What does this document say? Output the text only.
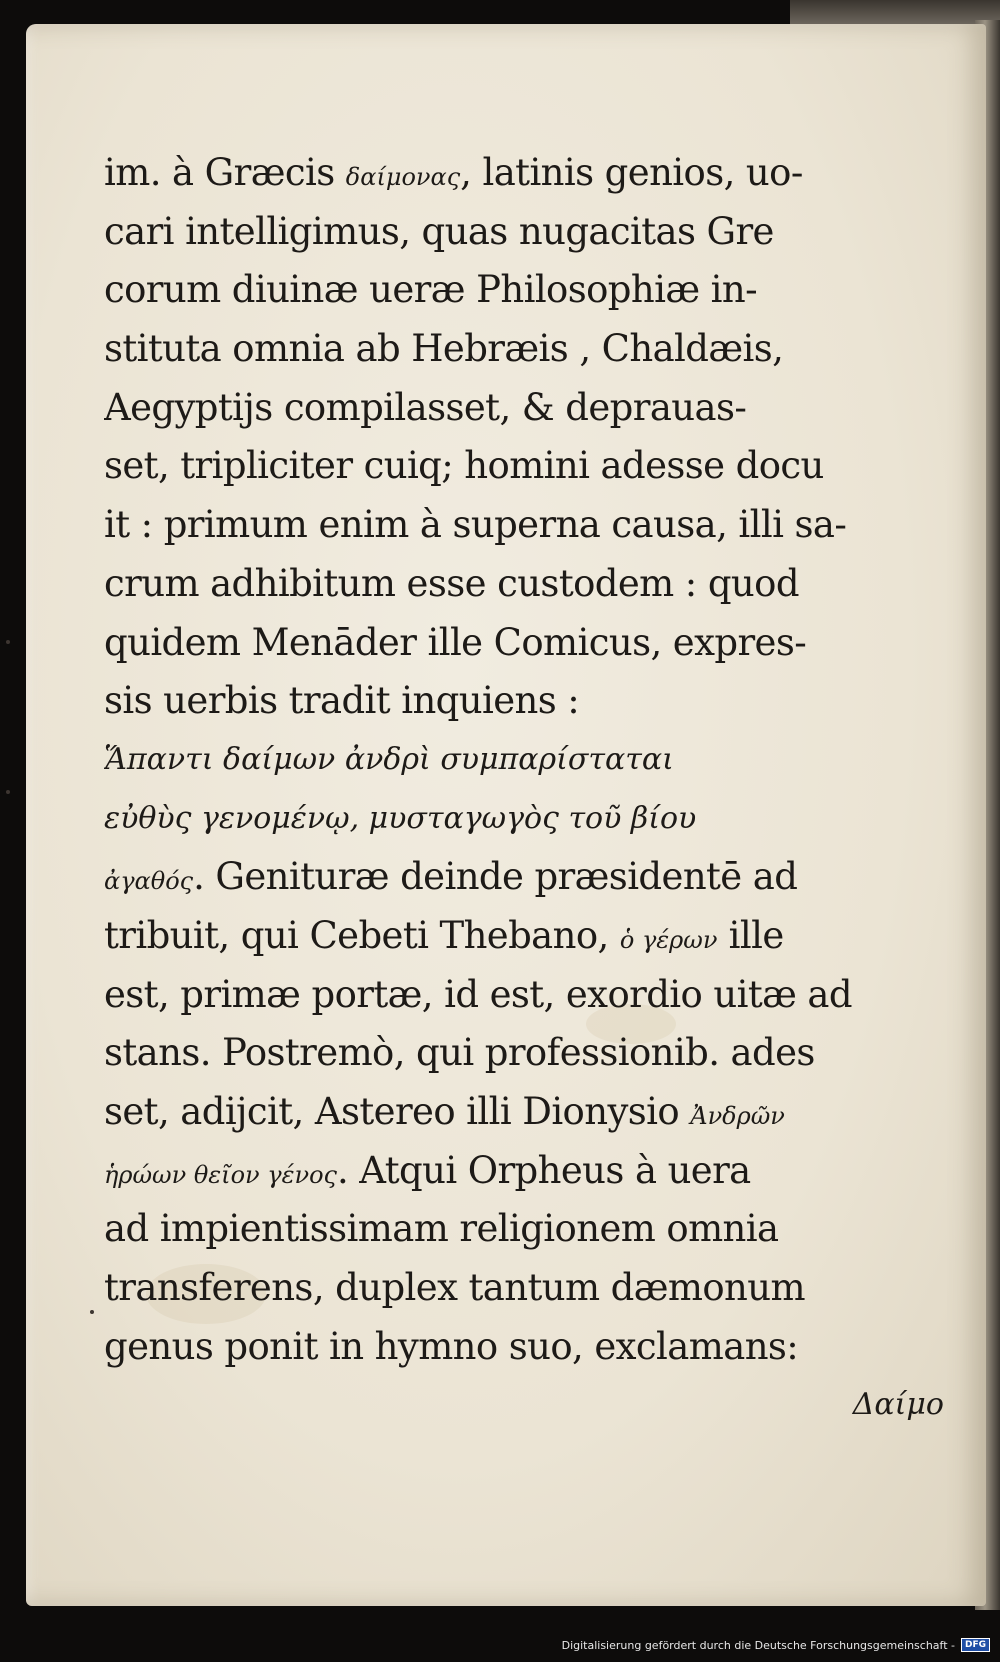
im. à Græcis δαίμονας, latinis genios, uo-
cari intelligimus, quas nugacitas Gre
corum diuinæ ueræ Philosophiæ in-
stituta omnia ab Hebræis , Chaldæis,
Aegyptijs compilasset, & deprauas-
set, tripliciter cuiq; homini adesse docu
it : primum enim à superna causa, illi sa-
crum adhibitum esse custodem : quod
quidem Menāder ille Comicus, expres-
sis uerbis tradit inquiens :
Ἅπαντι δαίμων ἀνδρὶ συμπαρίσταται
εὐθὺς γενομένῳ, μυσταγωγὸς τοῦ βίου
ἀγαθός. Genituræ deinde præsidentē ad
tribuit, qui Cebeti Thebano, ὁ γέρων ille
est, primæ portæ, id est, exordio uitæ ad
stans. Postremò, qui professionib. ades
set, adijcit, Astereo illi Dionysio Ἀνδρῶν
ἡρώων θεῖον γένος. Atqui Orpheus à uera
ad impientissimam religionem omnia
transferens, duplex tantum dæmonum
genus ponit in hymno suo, exclamans:
Δαίμο
Digitalisierung gefördert durch die Deutsche Forschungsgemeinschaft -	DFG
